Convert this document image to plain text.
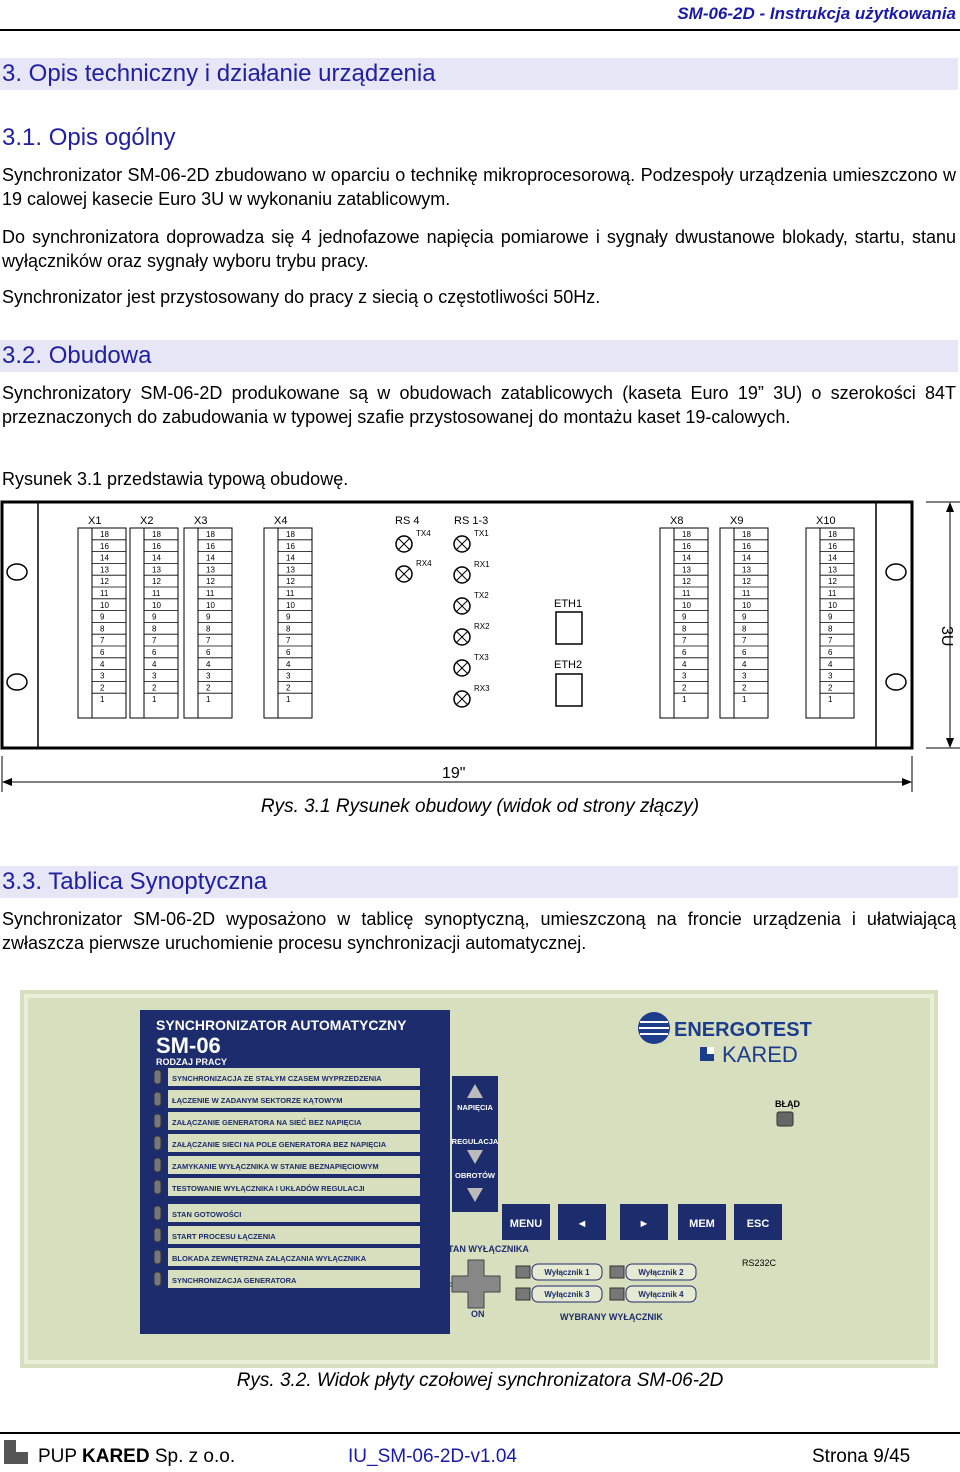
SM-06-2D - Instrukcja użytkowania
3. Opis techniczny i działanie urządzenia
3.1. Opis ogólny
Synchronizator SM-06-2D zbudowano w oparciu o technikę mikroprocesorową. Podzespoły urządzenia umieszczono w 19 calowej kasecie Euro 3U w wykonaniu zatablicowym.
Do synchronizatora doprowadza się 4 jednofazowe napięcia pomiarowe i sygnały dwustanowe blokady, startu, stanu wyłączników oraz sygnały wyboru trybu pracy.
Synchronizator jest przystosowany do pracy z siecią o częstotliwości 50Hz.
3.2. Obudowa
Synchronizatory SM-06-2D produkowane są w obudowach zatablicowych (kaseta Euro 19” 3U) o szerokości 84T przeznaczonych do zabudowania w typowej szafie przystosowanej do montażu kaset 19-calowych.
Rysunek 3.1 przedstawia typową obudowę.
3U
19"
X1
18
16
14
13
12
11
10
9
8
7
6
4
3
2
1
X2
18
16
14
13
12
11
10
9
8
7
6
4
3
2
1
X3
18
16
14
13
12
11
10
9
8
7
6
4
3
2
1
X4
18
16
14
13
12
11
10
9
8
7
6
4
3
2
1
X8
18
16
14
13
12
11
10
9
8
7
6
4
3
2
1
X9
18
16
14
13
12
11
10
9
8
7
6
4
3
2
1
X10
18
16
14
13
12
11
10
9
8
7
6
4
3
2
1
RS 4	RS 1-3
TX4
RX4
TX1
RX1
TX2
RX2
TX3
RX3
ETH1
ETH2
Rys. 3.1 Rysunek obudowy (widok od strony złączy)
3.3. Tablica Synoptyczna
Synchronizator SM-06-2D wyposażono w tablicę synoptyczną, umieszczoną na froncie urządzenia i ułatwiającą zwłaszcza pierwsze uruchomienie procesu synchronizacji automatycznej.
SYNCHRONIZATOR AUTOMATYCZNY
SM-06
RODZAJ PRACY
SYNCHRONIZACJA ZE STAŁYM CZASEM WYPRZEDZENIA
ŁĄCZENIE W ZADANYM SEKTORZE KĄTOWYM
ZAŁĄCZANIE GENERATORA NA SIEĆ BEZ NAPIĘCIA
ZAŁĄCZANIE SIECI NA POLE GENERATORA BEZ NAPIĘCIA
ZAMYKANIE WYŁĄCZNIKA W STANIE BEZNAPIĘCIOWYM
TESTOWANIE WYŁĄCZNIKA I UKŁADÓW REGULACJI
STAN GOTOWOŚCI
START PROCESU ŁĄCZENIA
BLOKADA ZEWNĘTRZNA ZAŁĄCZANIA WYŁĄCZNIKA
SYNCHRONIZACJA GENERATORA
ENERGOTEST
KARED
NAPIĘCIA
REGULACJA
OBROTÓW
MENU	◄	►	MEM	ESC
BŁĄD
RS232C
STAN WYŁĄCZNIKA
OFF
ON
Wyłącznik 1	Wyłącznik 2
Wyłącznik 3	Wyłącznik 4
WYBRANY WYŁĄCZNIK
Rys. 3.2. Widok płyty czołowej synchronizatora SM-06-2D
PUP KARED Sp. z o.o.	IU_SM-06-2D-v1.04	Strona 9/45
